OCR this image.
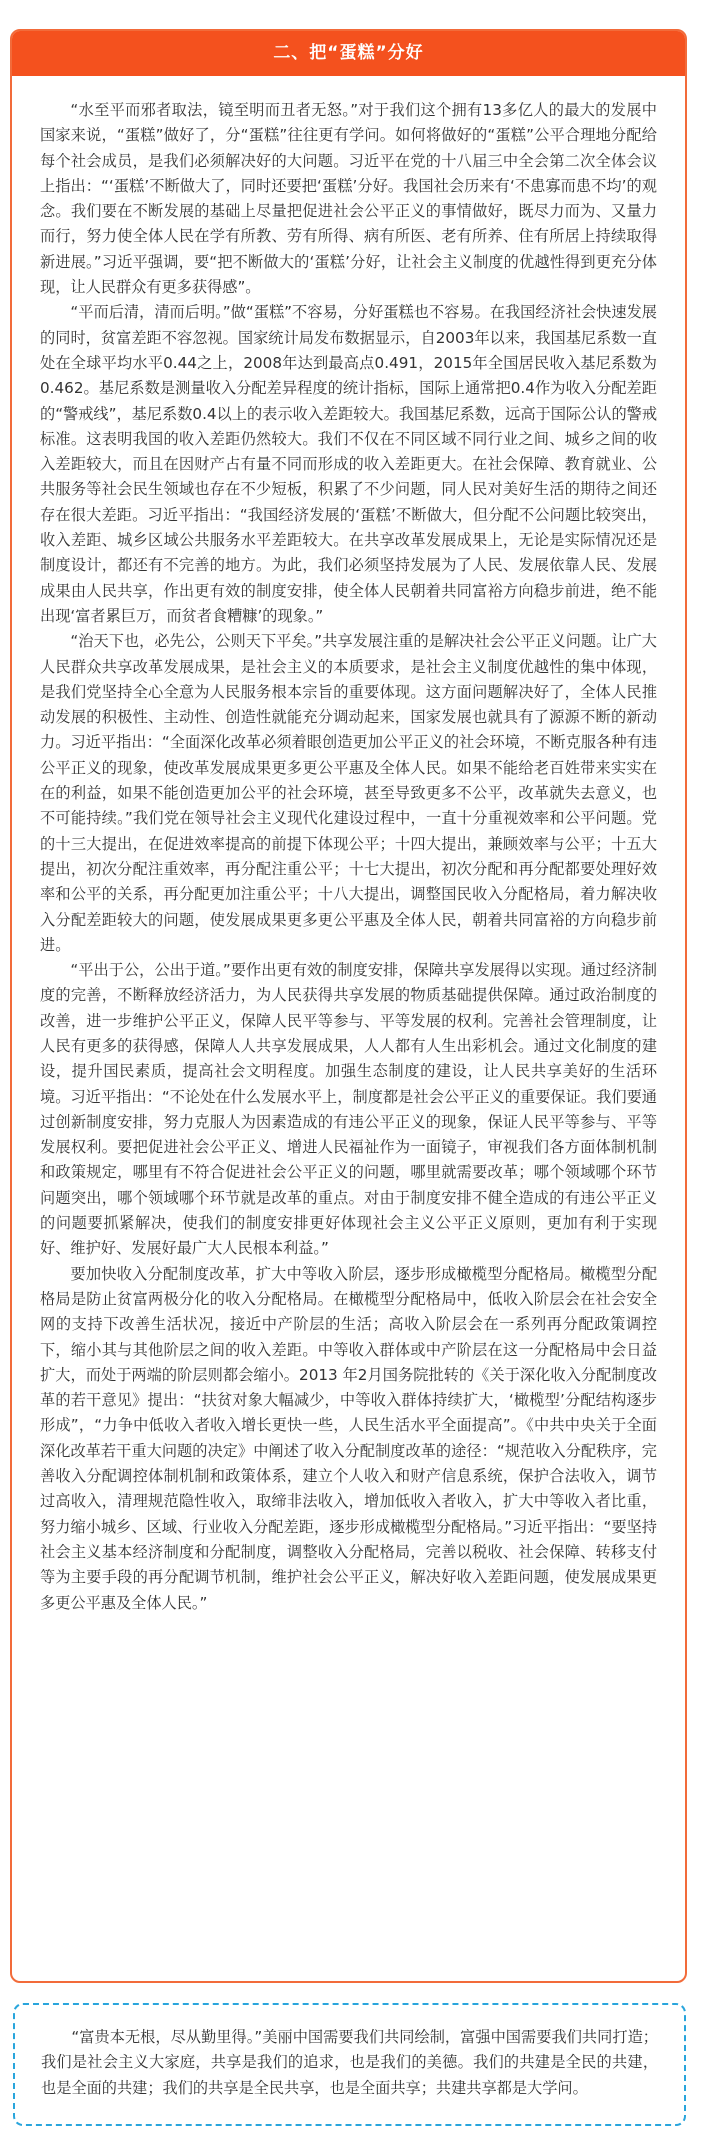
二、把“蛋糕”分好

“水至平而邪者取法，镜至明而丑者无怒。”对于我们这个拥有13多亿人的最大的发展中国家来说，“蛋糕”做好了，分“蛋糕”往往更有学问。如何将做好的“蛋糕”公平合理地分配给每个社会成员，是我们必须解决好的大问题。习近平在党的十八届三中全会第二次全体会议上指出：“‘蛋糕’不断做大了，同时还要把‘蛋糕’分好。我国社会历来有‘不患寡而患不均’的观念。我们要在不断发展的基础上尽量把促进社会公平正义的事情做好，既尽力而为、又量力而行，努力使全体人民在学有所教、劳有所得、病有所医、老有所养、住有所居上持续取得新进展。”习近平强调，要“把不断做大的‘蛋糕’分好，让社会主义制度的优越性得到更充分体现，让人民群众有更多获得感”。

“平而后清，清而后明。”做“蛋糕”不容易，分好蛋糕也不容易。在我国经济社会快速发展的同时，贫富差距不容忽视。国家统计局发布数据显示，自2003年以来，我国基尼系数一直处在全球平均水平0.44之上，2008年达到最高点0.491，2015年全国居民收入基尼系数为0.462。基尼系数是测量收入分配差异程度的统计指标，国际上通常把0.4作为收入分配差距的“警戒线”，基尼系数0.4以上的表示收入差距较大。我国基尼系数，远高于国际公认的警戒标准。这表明我国的收入差距仍然较大。我们不仅在不同区域不同行业之间、城乡之间的收入差距较大，而且在因财产占有量不同而形成的收入差距更大。在社会保障、教育就业、公共服务等社会民生领域也存在不少短板，积累了不少问题，同人民对美好生活的期待之间还存在很大差距。习近平指出：“我国经济发展的‘蛋糕’不断做大，但分配不公问题比较突出，收入差距、城乡区域公共服务水平差距较大。在共享改革发展成果上，无论是实际情况还是制度设计，都还有不完善的地方。为此，我们必须坚持发展为了人民、发展依靠人民、发展成果由人民共享，作出更有效的制度安排，使全体人民朝着共同富裕方向稳步前进，绝不能出现‘富者累巨万，而贫者食糟糠’的现象。”

“治天下也，必先公，公则天下平矣。”共享发展注重的是解决社会公平正义问题。让广大人民群众共享改革发展成果，是社会主义的本质要求，是社会主义制度优越性的集中体现，是我们党坚持全心全意为人民服务根本宗旨的重要体现。这方面问题解决好了，全体人民推动发展的积极性、主动性、创造性就能充分调动起来，国家发展也就具有了源源不断的新动力。习近平指出：“全面深化改革必须着眼创造更加公平正义的社会环境，不断克服各种有违公平正义的现象，使改革发展成果更多更公平惠及全体人民。如果不能给老百姓带来实实在在的利益，如果不能创造更加公平的社会环境，甚至导致更多不公平，改革就失去意义，也不可能持续。”我们党在领导社会主义现代化建设过程中，一直十分重视效率和公平问题。党的十三大提出，在促进效率提高的前提下体现公平；十四大提出，兼顾效率与公平；十五大提出，初次分配注重效率，再分配注重公平；十七大提出，初次分配和再分配都要处理好效率和公平的关系，再分配更加注重公平；十八大提出，调整国民收入分配格局，着力解决收入分配差距较大的问题，使发展成果更多更公平惠及全体人民，朝着共同富裕的方向稳步前进。

“平出于公，公出于道。”要作出更有效的制度安排，保障共享发展得以实现。通过经济制度的完善，不断释放经济活力，为人民获得共享发展的物质基础提供保障。通过政治制度的改善，进一步维护公平正义，保障人民平等参与、平等发展的权利。完善社会管理制度，让人民有更多的获得感，保障人人共享发展成果，人人都有人生出彩机会。通过文化制度的建设，提升国民素质，提高社会文明程度。加强生态制度的建设，让人民共享美好的生活环境。习近平指出：“不论处在什么发展水平上，制度都是社会公平正义的重要保证。我们要通过创新制度安排，努力克服人为因素造成的有违公平正义的现象，保证人民平等参与、平等发展权利。要把促进社会公平正义、增进人民福祉作为一面镜子，审视我们各方面体制机制和政策规定，哪里有不符合促进社会公平正义的问题，哪里就需要改革；哪个领域哪个环节问题突出，哪个领域哪个环节就是改革的重点。对由于制度安排不健全造成的有违公平正义的问题要抓紧解决，使我们的制度安排更好体现社会主义公平正义原则，更加有利于实现好、维护好、发展好最广大人民根本利益。”

要加快收入分配制度改革，扩大中等收入阶层，逐步形成橄榄型分配格局。橄榄型分配格局是防止贫富两极分化的收入分配格局。在橄榄型分配格局中，低收入阶层会在社会安全网的支持下改善生活状况，接近中产阶层的生活；高收入阶层会在一系列再分配政策调控下，缩小其与其他阶层之间的收入差距。中等收入群体或中产阶层在这一分配格局中会日益扩大，而处于两端的阶层则都会缩小。2013 年2月国务院批转的《关于深化收入分配制度改革的若干意见》提出：“扶贫对象大幅减少，中等收入群体持续扩大，‘橄榄型’分配结构逐步形成”，“力争中低收入者收入增长更快一些，人民生活水平全面提高”。《中共中央关于全面深化改革若干重大问题的决定》中阐述了收入分配制度改革的途径：“规范收入分配秩序，完善收入分配调控体制机制和政策体系，建立个人收入和财产信息系统，保护合法收入，调节过高收入，清理规范隐性收入，取缔非法收入，增加低收入者收入，扩大中等收入者比重，努力缩小城乡、区域、行业收入分配差距，逐步形成橄榄型分配格局。”习近平指出：“要坚持社会主义基本经济制度和分配制度，调整收入分配格局，完善以税收、社会保障、转移支付等为主要手段的再分配调节机制，维护社会公平正义，解决好收入差距问题，使发展成果更多更公平惠及全体人民。”

“富贵本无根，尽从勤里得。”美丽中国需要我们共同绘制，富强中国需要我们共同打造；我们是社会主义大家庭，共享是我们的追求，也是我们的美德。我们的共建是全民的共建，也是全面的共建；我们的共享是全民共享，也是全面共享；共建共享都是大学问。
